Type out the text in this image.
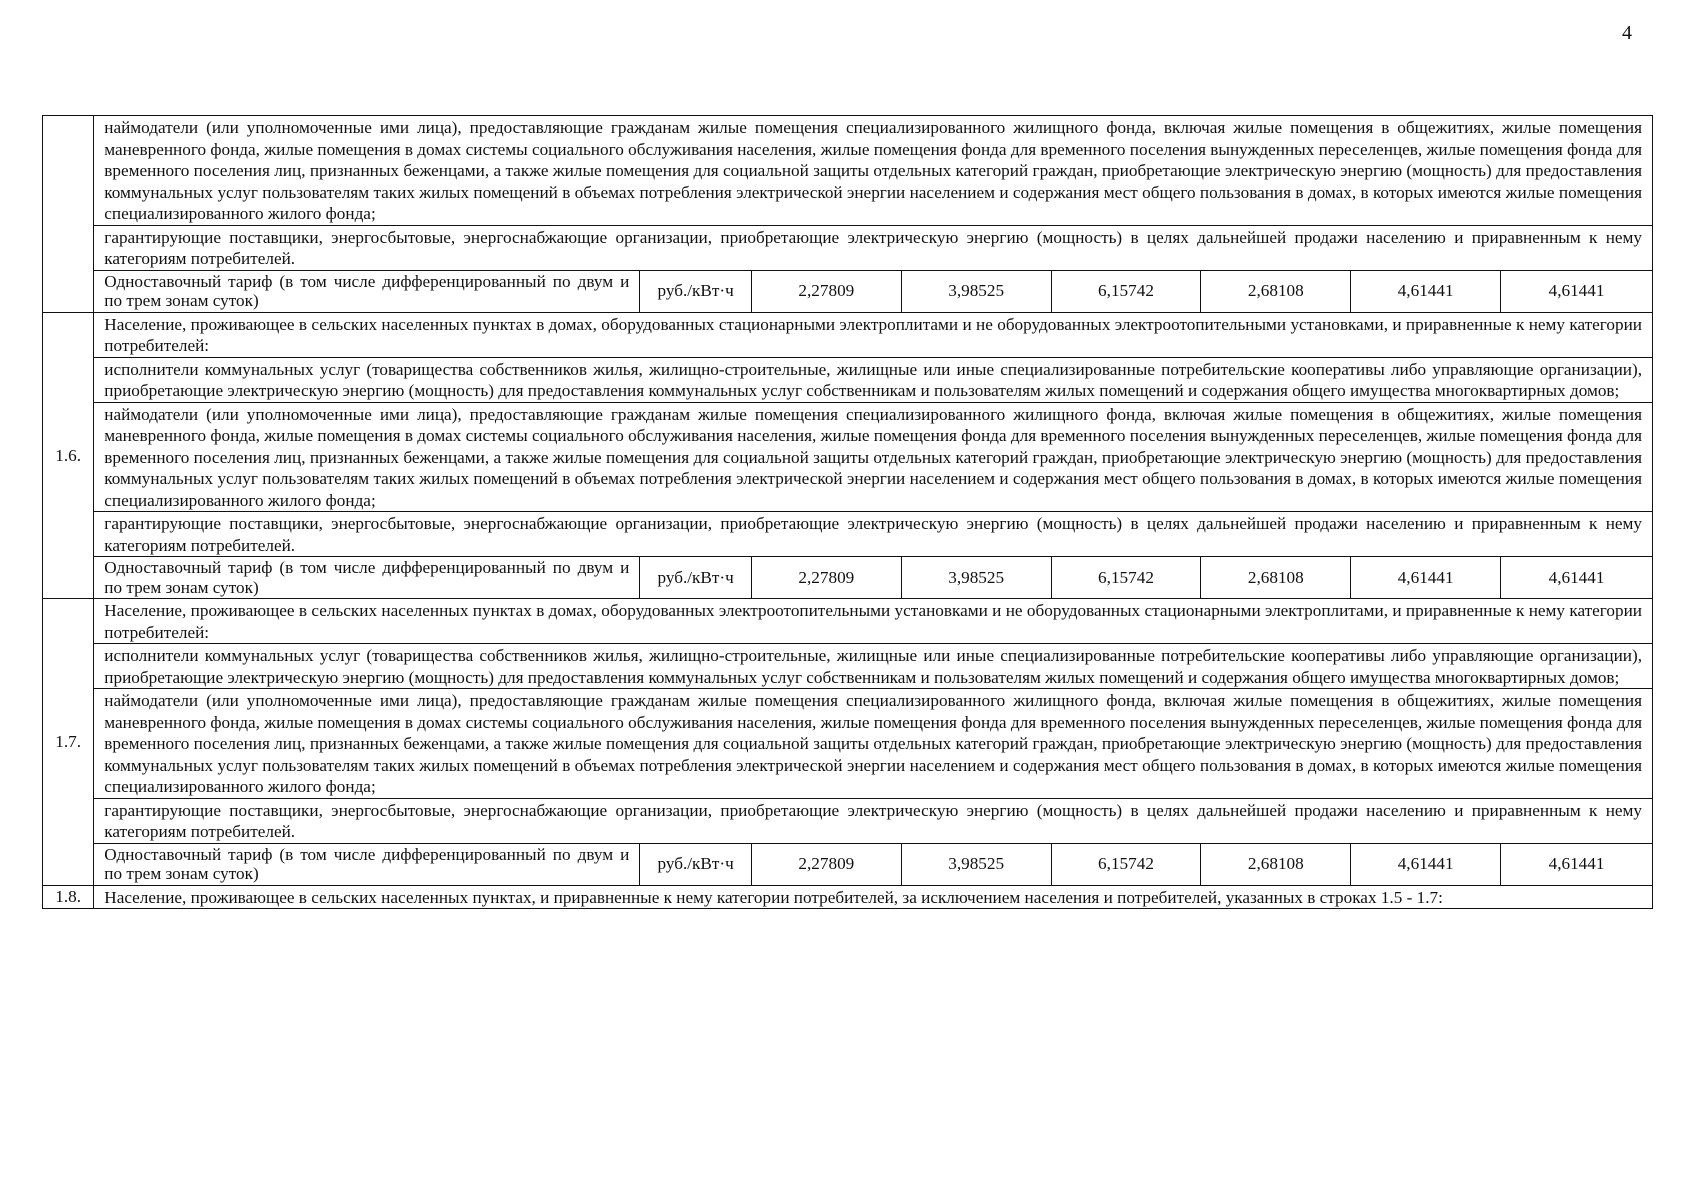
4
	наймодатели (или уполномоченные ими лица), предоставляющие гражданам жилые помещения специализированного жилищного фонда, включая жилые помещения в общежитиях, жилые помещения маневренного фонда, жилые помещения в домах системы социального обслуживания населения, жилые помещения фонда для временного поселения вынужденных переселенцев, жилые помещения фонда для временного поселения лиц, признанных беженцами, а также жилые помещения для социальной защиты отдельных категорий граждан, приобретающие электрическую энергию (мощность) для предоставления коммунальных услуг пользователям таких жилых помещений в объемах потребления электрической энергии населением и содержания мест общего пользования в домах, в которых имеются жилые помещения специализированного жилого фонда;							
	гарантирующие поставщики, энергосбытовые, энергоснабжающие организации, приобретающие электрическую энергию (мощность) в целях дальнейшей продажи населению и приравненным к нему категориям потребителей.							
	Одноставочный тариф (в том числе дифференцированный по двум и по трем зонам суток)	руб./кВт·ч	2,27809	3,98525	6,15742	2,68108	4,61441	4,61441
1.6.	Население, проживающее в сельских населенных пунктах в домах, оборудованных стационарными электроплитами и не оборудованных электроотопительными установками, и приравненные к нему категории потребителей:							
	исполнители коммунальных услуг (товарищества собственников жилья, жилищно-строительные, жилищные или иные специализированные потребительские кооперативы либо управляющие организации), приобретающие электрическую энергию (мощность) для предоставления коммунальных услуг собственникам и пользователям жилых помещений и содержания общего имущества многоквартирных домов;							
	наймодатели (или уполномоченные ими лица), предоставляющие гражданам жилые помещения специализированного жилищного фонда, включая жилые помещения в общежитиях, жилые помещения маневренного фонда, жилые помещения в домах системы социального обслуживания населения, жилые помещения фонда для временного поселения вынужденных переселенцев, жилые помещения фонда для временного поселения лиц, признанных беженцами, а также жилые помещения для социальной защиты отдельных категорий граждан, приобретающие электрическую энергию (мощность) для предоставления коммунальных услуг пользователям таких жилых помещений в объемах потребления электрической энергии населением и содержания мест общего пользования в домах, в которых имеются жилые помещения специализированного жилого фонда;							
	гарантирующие поставщики, энергосбытовые, энергоснабжающие организации, приобретающие электрическую энергию (мощность) в целях дальнейшей продажи населению и приравненным к нему категориям потребителей.							
	Одноставочный тариф (в том числе дифференцированный по двум и по трем зонам суток)	руб./кВт·ч	2,27809	3,98525	6,15742	2,68108	4,61441	4,61441
1.7.	Население, проживающее в сельских населенных пунктах в домах, оборудованных электроотопительными установками и не оборудованных стационарными электроплитами, и приравненные к нему категории потребителей:							
	исполнители коммунальных услуг (товарищества собственников жилья, жилищно-строительные, жилищные или иные специализированные потребительские кооперативы либо управляющие организации), приобретающие электрическую энергию (мощность) для предоставления коммунальных услуг собственникам и пользователям жилых помещений и содержания общего имущества многоквартирных домов;							
	наймодатели (или уполномоченные ими лица), предоставляющие гражданам жилые помещения специализированного жилищного фонда, включая жилые помещения в общежитиях, жилые помещения маневренного фонда, жилые помещения в домах системы социального обслуживания населения, жилые помещения фонда для временного поселения вынужденных переселенцев, жилые помещения фонда для временного поселения лиц, признанных беженцами, а также жилые помещения для социальной защиты отдельных категорий граждан, приобретающие электрическую энергию (мощность) для предоставления коммунальных услуг пользователям таких жилых помещений в объемах потребления электрической энергии населением и содержания мест общего пользования в домах, в которых имеются жилые помещения специализированного жилого фонда;							
	гарантирующие поставщики, энергосбытовые, энергоснабжающие организации, приобретающие электрическую энергию (мощность) в целях дальнейшей продажи населению и приравненным к нему категориям потребителей.							
	Одноставочный тариф (в том числе дифференцированный по двум и по трем зонам суток)	руб./кВт·ч	2,27809	3,98525	6,15742	2,68108	4,61441	4,61441
1.8.	Население, проживающее в сельских населенных пунктах, и приравненные к нему категории потребителей, за исключением населения и потребителей, указанных в строках 1.5 - 1.7:							
